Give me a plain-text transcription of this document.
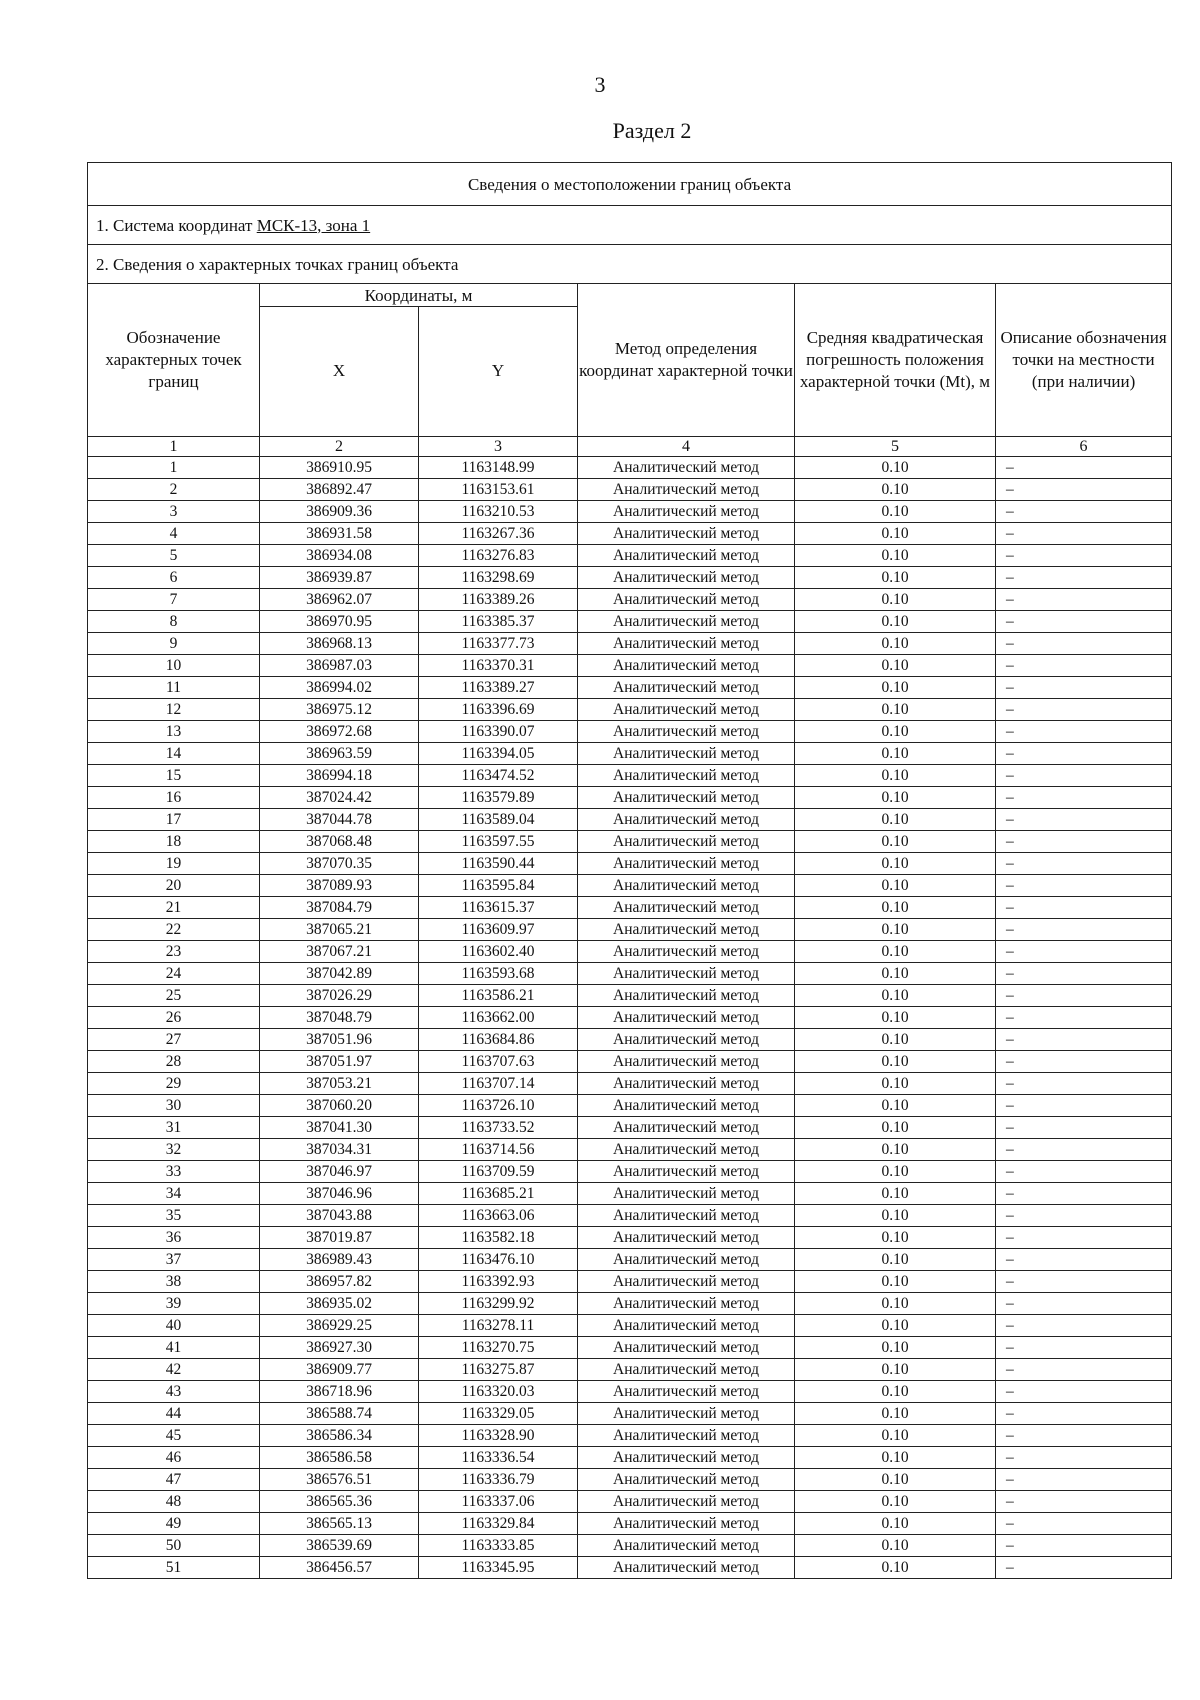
3
Раздел 2
Сведения о местоположении границ объекта					
1. Система координат МСК-13, зона 1					
2. Сведения о характерных точках границ объекта					
Обозначение характерных точек границ	Координаты, м		Метод определения координат характерной точки	Средняя квадратическая погрешность положения характерной точки (Mt), м	Описание обозначения точки на местности (при наличии)
	X	Y			
1	2	3	4	5	6
1	386910.95	1163148.99	Аналитический метод	0.10	–
2	386892.47	1163153.61	Аналитический метод	0.10	–
3	386909.36	1163210.53	Аналитический метод	0.10	–
4	386931.58	1163267.36	Аналитический метод	0.10	–
5	386934.08	1163276.83	Аналитический метод	0.10	–
6	386939.87	1163298.69	Аналитический метод	0.10	–
7	386962.07	1163389.26	Аналитический метод	0.10	–
8	386970.95	1163385.37	Аналитический метод	0.10	–
9	386968.13	1163377.73	Аналитический метод	0.10	–
10	386987.03	1163370.31	Аналитический метод	0.10	–
11	386994.02	1163389.27	Аналитический метод	0.10	–
12	386975.12	1163396.69	Аналитический метод	0.10	–
13	386972.68	1163390.07	Аналитический метод	0.10	–
14	386963.59	1163394.05	Аналитический метод	0.10	–
15	386994.18	1163474.52	Аналитический метод	0.10	–
16	387024.42	1163579.89	Аналитический метод	0.10	–
17	387044.78	1163589.04	Аналитический метод	0.10	–
18	387068.48	1163597.55	Аналитический метод	0.10	–
19	387070.35	1163590.44	Аналитический метод	0.10	–
20	387089.93	1163595.84	Аналитический метод	0.10	–
21	387084.79	1163615.37	Аналитический метод	0.10	–
22	387065.21	1163609.97	Аналитический метод	0.10	–
23	387067.21	1163602.40	Аналитический метод	0.10	–
24	387042.89	1163593.68	Аналитический метод	0.10	–
25	387026.29	1163586.21	Аналитический метод	0.10	–
26	387048.79	1163662.00	Аналитический метод	0.10	–
27	387051.96	1163684.86	Аналитический метод	0.10	–
28	387051.97	1163707.63	Аналитический метод	0.10	–
29	387053.21	1163707.14	Аналитический метод	0.10	–
30	387060.20	1163726.10	Аналитический метод	0.10	–
31	387041.30	1163733.52	Аналитический метод	0.10	–
32	387034.31	1163714.56	Аналитический метод	0.10	–
33	387046.97	1163709.59	Аналитический метод	0.10	–
34	387046.96	1163685.21	Аналитический метод	0.10	–
35	387043.88	1163663.06	Аналитический метод	0.10	–
36	387019.87	1163582.18	Аналитический метод	0.10	–
37	386989.43	1163476.10	Аналитический метод	0.10	–
38	386957.82	1163392.93	Аналитический метод	0.10	–
39	386935.02	1163299.92	Аналитический метод	0.10	–
40	386929.25	1163278.11	Аналитический метод	0.10	–
41	386927.30	1163270.75	Аналитический метод	0.10	–
42	386909.77	1163275.87	Аналитический метод	0.10	–
43	386718.96	1163320.03	Аналитический метод	0.10	–
44	386588.74	1163329.05	Аналитический метод	0.10	–
45	386586.34	1163328.90	Аналитический метод	0.10	–
46	386586.58	1163336.54	Аналитический метод	0.10	–
47	386576.51	1163336.79	Аналитический метод	0.10	–
48	386565.36	1163337.06	Аналитический метод	0.10	–
49	386565.13	1163329.84	Аналитический метод	0.10	–
50	386539.69	1163333.85	Аналитический метод	0.10	–
51	386456.57	1163345.95	Аналитический метод	0.10	–
